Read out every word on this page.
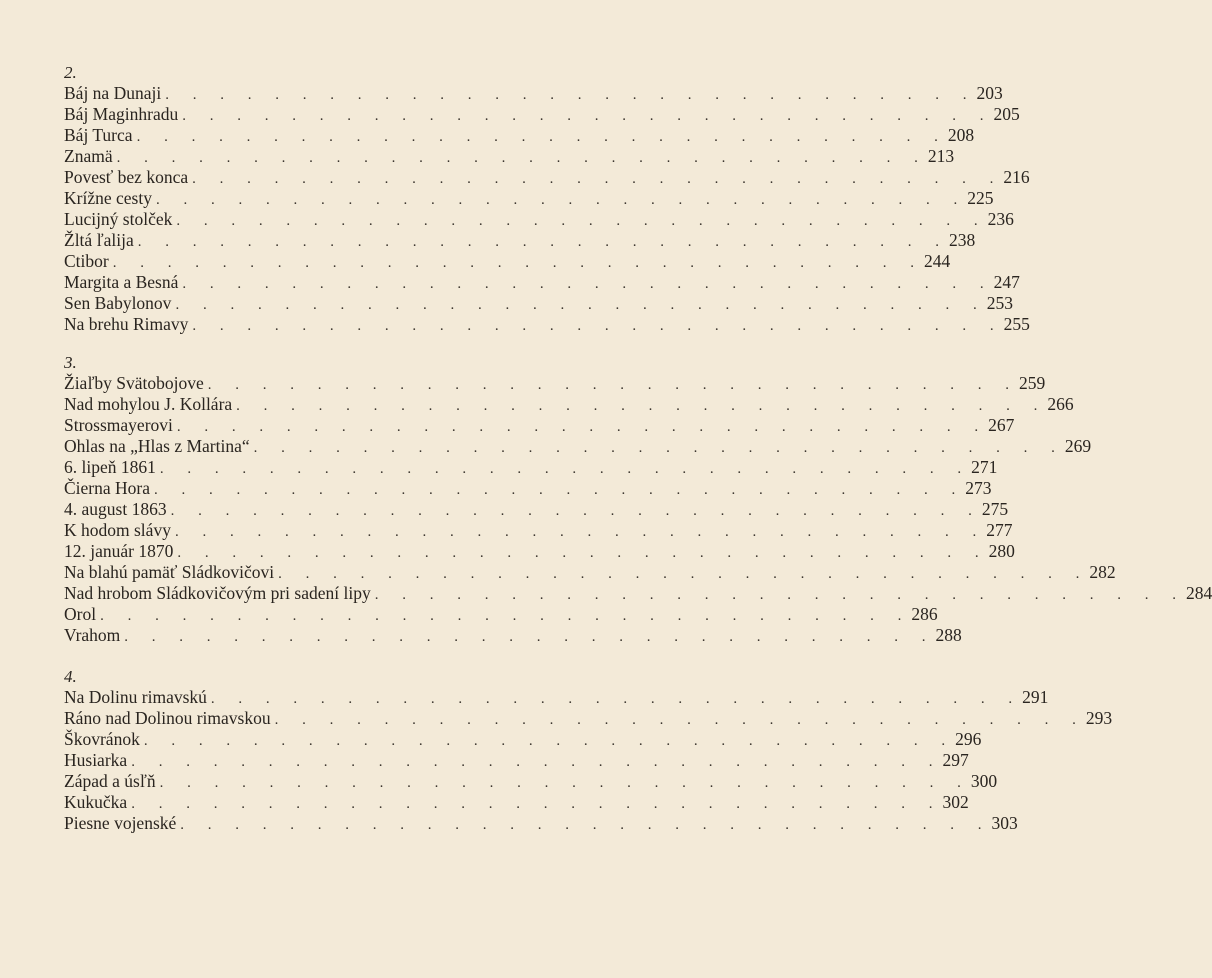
2.
Báj na Dunaji . . . . . . . . . . . . . . . . . . . . . . . . . . . . . . 203
Báj Maginhradu . . . . . . . . . . . . . . . . . . . . . . . . . . . . . . 205
Báj Turca . . . . . . . . . . . . . . . . . . . . . . . . . . . . . . 208
Znamä . . . . . . . . . . . . . . . . . . . . . . . . . . . . . . 213
Povesť bez konca . . . . . . . . . . . . . . . . . . . . . . . . . . . . . . 216
Krížne cesty . . . . . . . . . . . . . . . . . . . . . . . . . . . . . . 225
Lucijný stolček . . . . . . . . . . . . . . . . . . . . . . . . . . . . . . 236
Žltá ľalija . . . . . . . . . . . . . . . . . . . . . . . . . . . . . . 238
Ctibor . . . . . . . . . . . . . . . . . . . . . . . . . . . . . . 244
Margita a Besná . . . . . . . . . . . . . . . . . . . . . . . . . . . . . . 247
Sen Babylonov . . . . . . . . . . . . . . . . . . . . . . . . . . . . . . 253
Na brehu Rimavy . . . . . . . . . . . . . . . . . . . . . . . . . . . . . . 255
3.
Žiaľby Svätobojove . . . . . . . . . . . . . . . . . . . . . . . . . . . . . . 259
Nad mohylou J. Kollára . . . . . . . . . . . . . . . . . . . . . . . . . . . . . . 266
Strossmayerovi . . . . . . . . . . . . . . . . . . . . . . . . . . . . . . 267
Ohlas na „Hlas z Martina“ . . . . . . . . . . . . . . . . . . . . . . . . . . . . . . 269
6. lipeň 1861 . . . . . . . . . . . . . . . . . . . . . . . . . . . . . . 271
Čierna Hora . . . . . . . . . . . . . . . . . . . . . . . . . . . . . . 273
4. august 1863 . . . . . . . . . . . . . . . . . . . . . . . . . . . . . . 275
K hodom slávy . . . . . . . . . . . . . . . . . . . . . . . . . . . . . . 277
12. január 1870 . . . . . . . . . . . . . . . . . . . . . . . . . . . . . . 280
Na blahú pamäť Sládkovičovi . . . . . . . . . . . . . . . . . . . . . . . . . . . . . . 282
Nad hrobom Sládkovičovým pri sadení lipy . . . . . . . . . . . . . . . . . . . . . . . . . . . . . . 284
Orol . . . . . . . . . . . . . . . . . . . . . . . . . . . . . . 286
Vrahom . . . . . . . . . . . . . . . . . . . . . . . . . . . . . . 288
4.
Na Dolinu rimavskú . . . . . . . . . . . . . . . . . . . . . . . . . . . . . . 291
Ráno nad Dolinou rimavskou . . . . . . . . . . . . . . . . . . . . . . . . . . . . . . 293
Škovránok . . . . . . . . . . . . . . . . . . . . . . . . . . . . . . 296
Husiarka . . . . . . . . . . . . . . . . . . . . . . . . . . . . . . 297
Západ a úsľň . . . . . . . . . . . . . . . . . . . . . . . . . . . . . . 300
Kukučka . . . . . . . . . . . . . . . . . . . . . . . . . . . . . . 302
Piesne vojenské . . . . . . . . . . . . . . . . . . . . . . . . . . . . . . 303
